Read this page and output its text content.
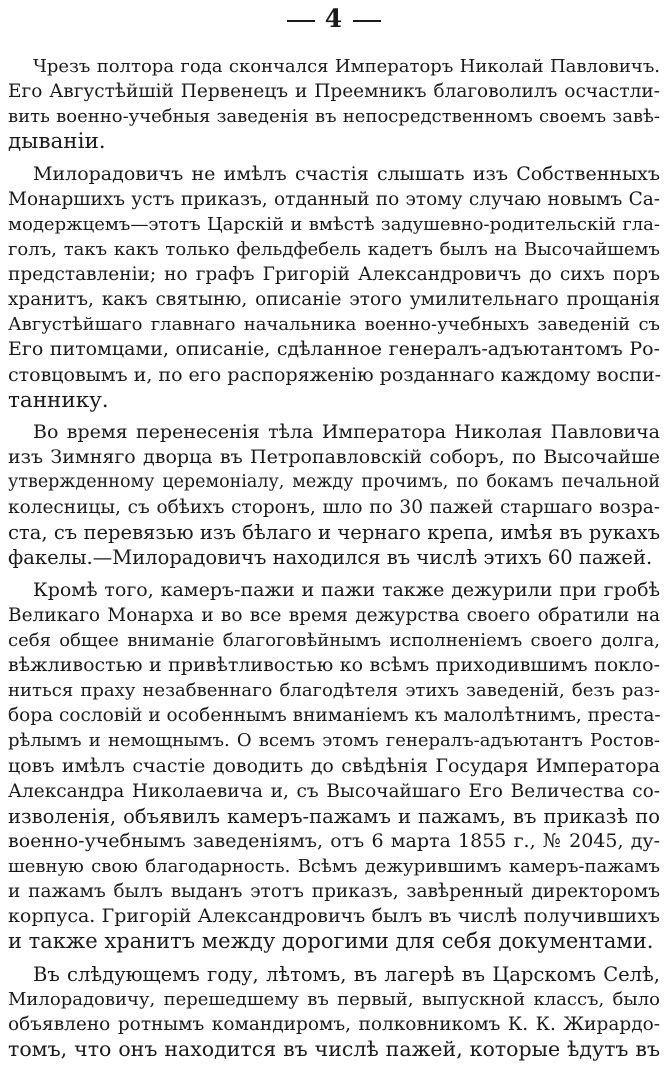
4
Чрезъ полтора года скончался Императоръ Николай Павловичъ.
Его Августѣйшій Первенецъ и Преемникъ благоволилъ осчастли-
вить военно-учебныя заведенія въ непосредственномъ своемъ завѣ-
дываніи.
Милорадовичъ не имѣлъ счастія слышать изъ Собственныхъ
Монаршихъ устъ приказъ, отданный по этому случаю новымъ Са-
модержцемъ—этотъ Царскій и вмѣстѣ задушевно-родительскій гла-
голъ, такъ какъ только фельдфебель кадетъ былъ на Высочайшемъ
представленіи; но графъ Григорій Александровичъ до сихъ поръ
хранитъ, какъ святыню, описаніе этого умилительнаго прощанія
Августѣйшаго главнаго начальника военно-учебныхъ заведеній съ
Его питомцами, описаніе, сдѣланное генералъ-адъютантомъ Ро-
стовцовымъ и, по его распоряженію розданнаго каждому воспи-
таннику.
Во время перенесенія тѣла Императора Николая Павловича
изъ Зимняго дворца въ Петропавловскій соборъ, по Высочайше
утвержденному церемоніалу, между прочимъ, по бокамъ печальной
колесницы, съ обѣихъ сторонъ, шло по 30 пажей старшаго возра-
ста, съ перевязью изъ бѣлаго и чернаго крепа, имѣя въ рукахъ
факелы.—Милорадовичъ находился въ числѣ этихъ 60 пажей.
Кромѣ того, камеръ-пажи и пажи также дежурили при гробѣ
Великаго Монарха и во все время дежурства своего обратили на
себя общее вниманіе благоговѣйнымъ исполненіемъ своего долга,
вѣжливостью и привѣтливостью ко всѣмъ приходившимъ покло-
ниться праху незабвеннаго благодѣтеля этихъ заведеній, безъ раз-
бора сословій и особеннымъ вниманіемъ къ малолѣтнимъ, преста-
рѣлымъ и немощнымъ. О всемъ этомъ генералъ-адъютантъ Ростов-
цовъ имѣлъ счастіе доводить до свѣдѣнія Государя Императора
Александра Николаевича и, съ Высочайшаго Его Величества со-
изволенія, объявилъ камеръ-пажамъ и пажамъ, въ приказѣ по
военно-учебнымъ заведеніямъ, отъ 6 марта 1855 г., № 2045, ду-
шевную свою благодарность. Всѣмъ дежурившимъ камеръ-пажамъ
и пажамъ былъ выданъ этотъ приказъ, завѣренный директоромъ
корпуса. Григорій Александровичъ былъ въ числѣ получившихъ
и также хранитъ между дорогими для себя документами.
Въ слѣдующемъ году, лѣтомъ, въ лагерѣ въ Царскомъ Селѣ,
Милорадовичу, перешедшему въ первый, выпускной классъ, было
объявлено ротнымъ командиромъ, полковникомъ К. К. Жирардо-
томъ, что онъ находится въ числѣ пажей, которые ѣдутъ въ
